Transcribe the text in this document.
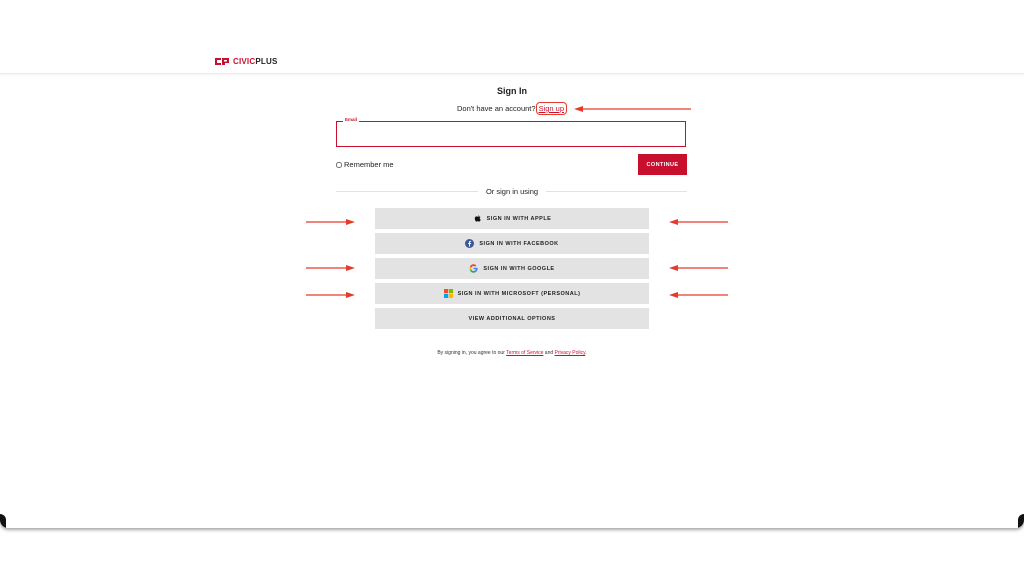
CIVICPLUS
Sign In
Don't have an account? Sign up
Email
Remember me	CONTINUE
Or sign in using
SIGN IN WITH APPLE
SIGN IN WITH FACEBOOK
SIGN IN WITH GOOGLE
SIGN IN WITH MICROSOFT (PERSONAL)
VIEW ADDITIONAL OPTIONS
By signing in, you agree to our Terms of Service and Privacy Policy.
